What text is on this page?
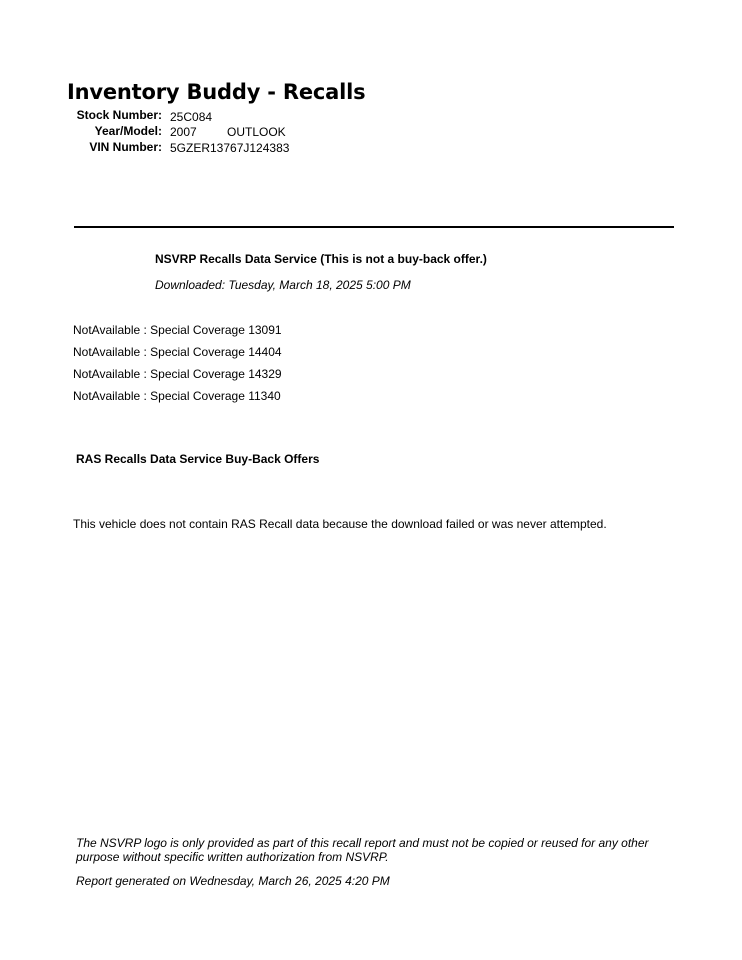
Inventory Buddy - Recalls
Stock Number: 25C084
Year/Model: 2007	OUTLOOK
VIN Number: 5GZER13767J124383
NSVRP Recalls Data Service (This is not a buy-back offer.)
Downloaded: Tuesday, March 18, 2025 5:00 PM
NotAvailable : Special Coverage 13091
NotAvailable : Special Coverage 14404
NotAvailable : Special Coverage 14329
NotAvailable : Special Coverage 11340
RAS Recalls Data Service Buy-Back Offers
This vehicle does not contain RAS Recall data because the download failed or was never attempted.
The NSVRP logo is only provided as part of this recall report and must not be copied or reused for any other purpose without specific written authorization from NSVRP.
Report generated on Wednesday, March 26, 2025 4:20 PM
